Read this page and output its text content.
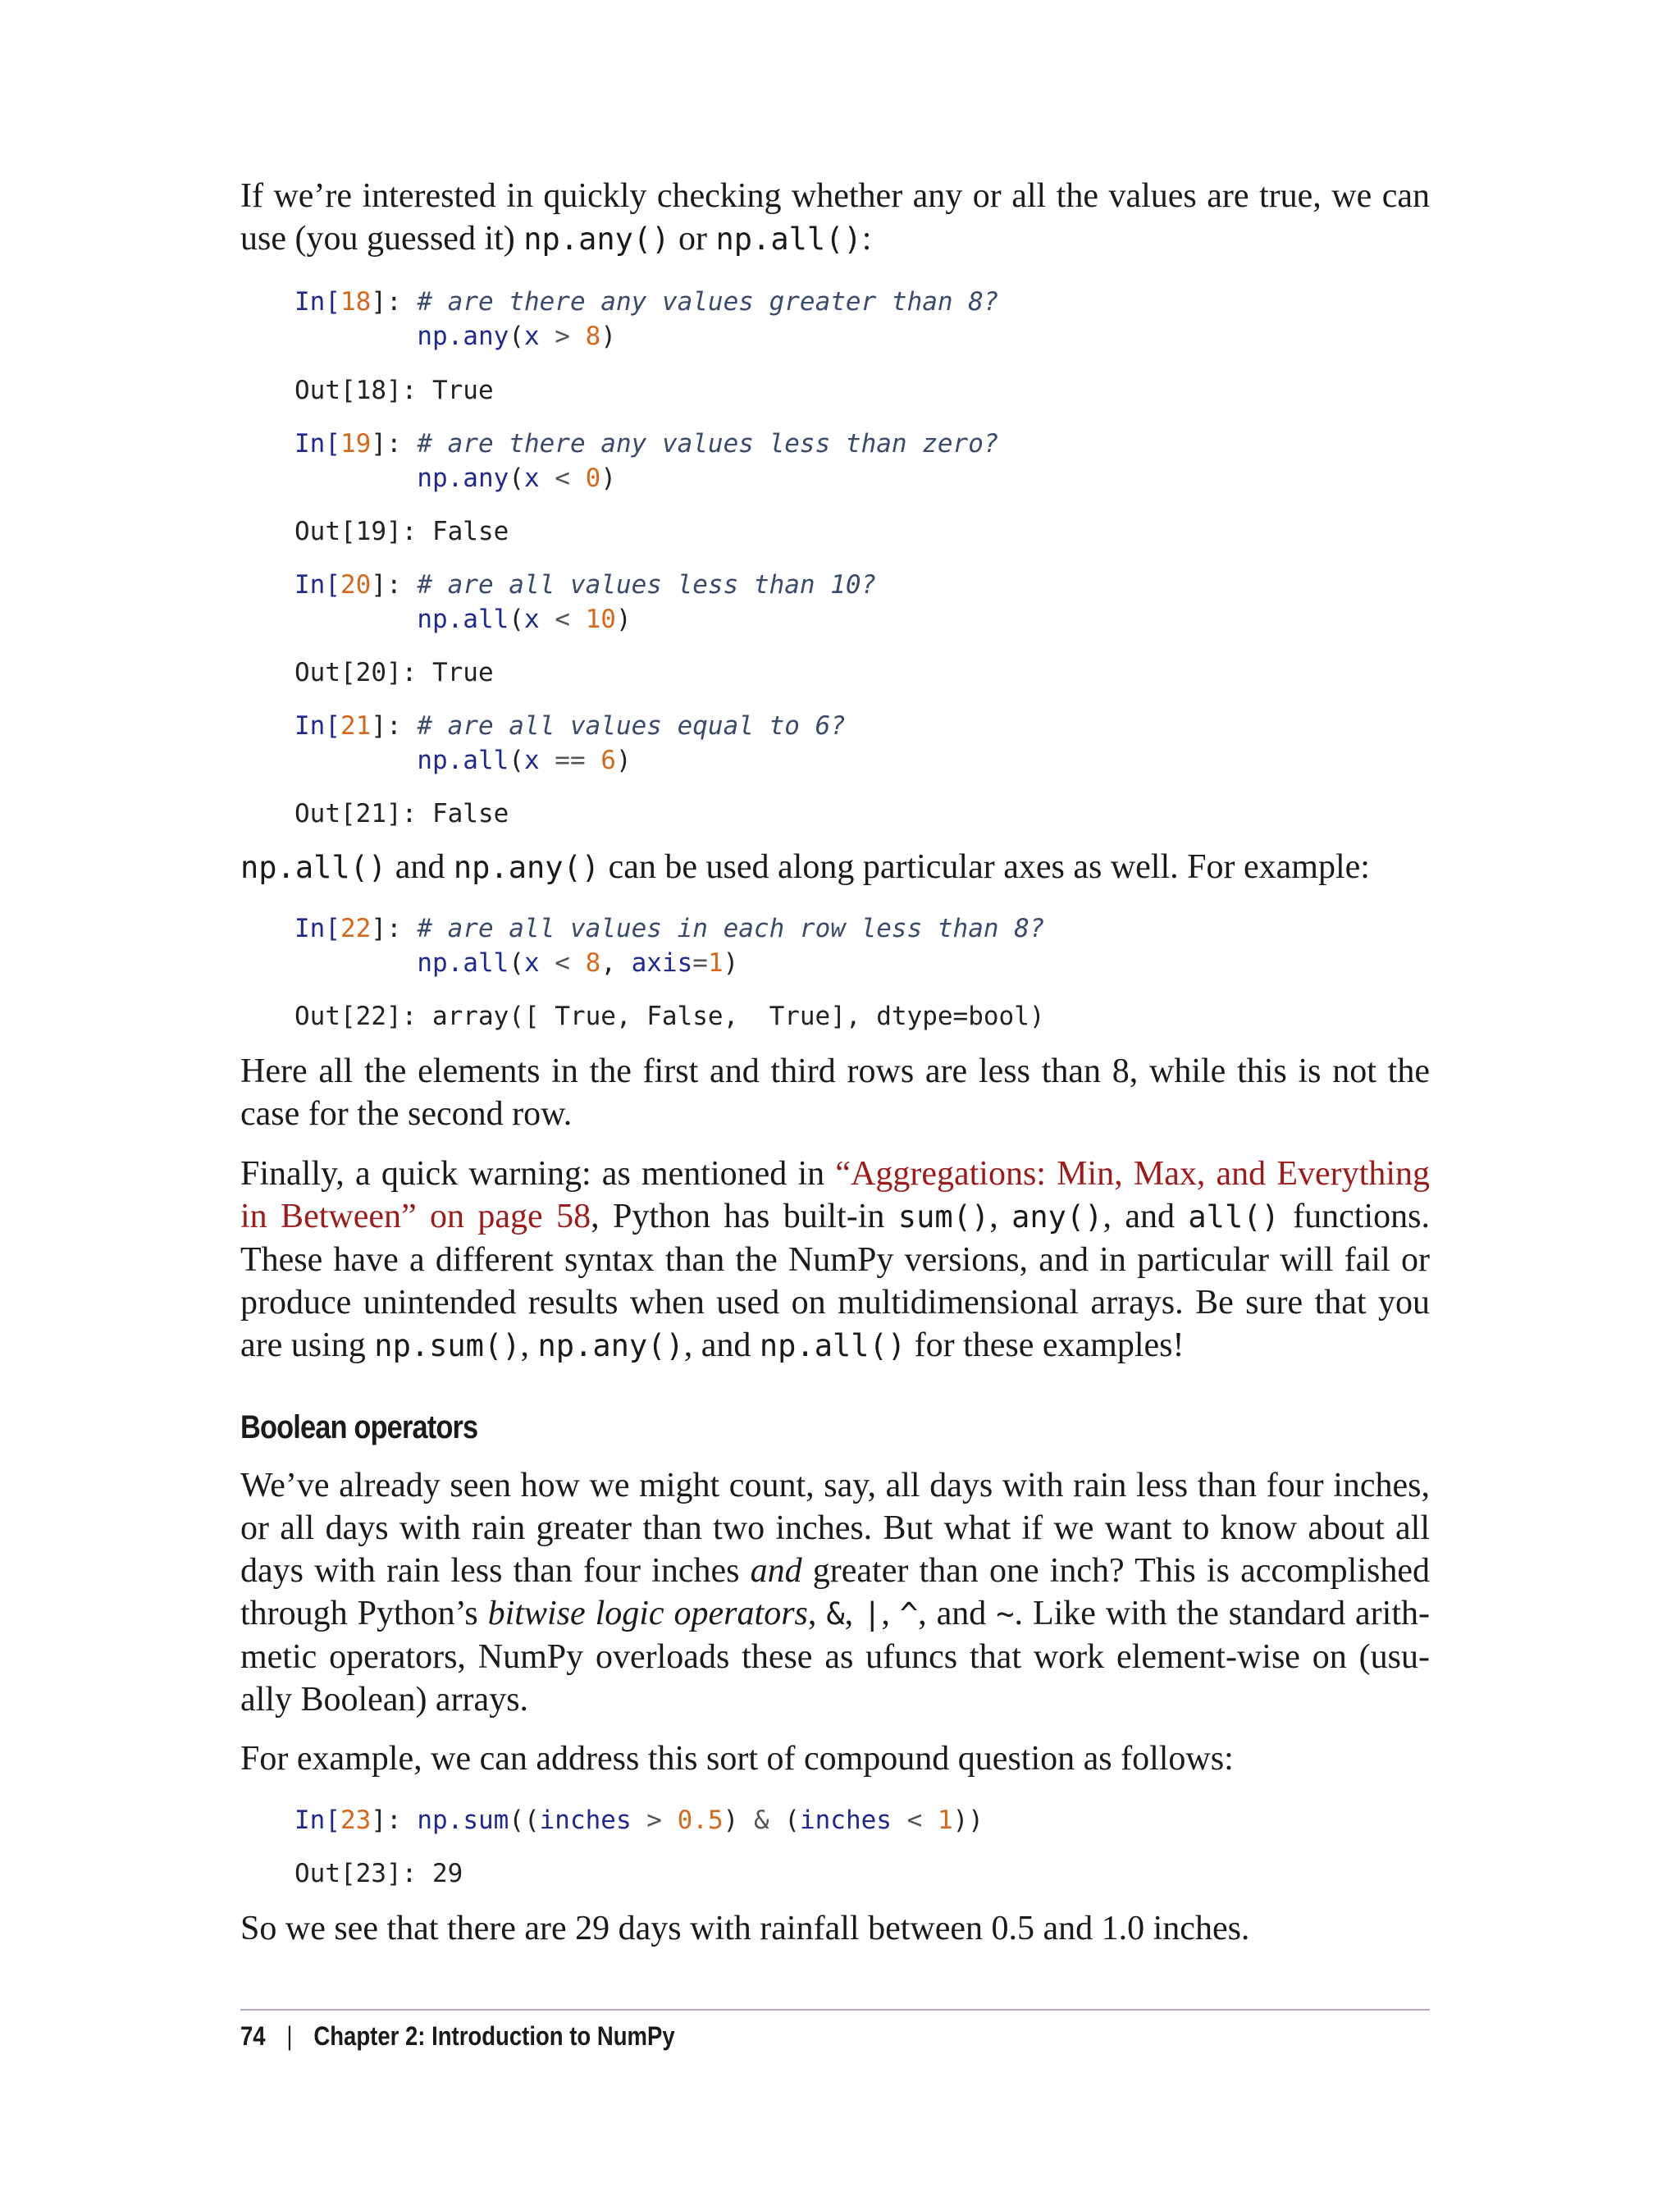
If we’re interested in quickly checking whether any or all the values are true, we can use (you guessed it) np.any() or np.all():
In[18]: # are there any values greater than 8?
np.any(x > 8)
Out[18]: True
In[19]: # are there any values less than zero?
np.any(x < 0)
Out[19]: False
In[20]: # are all values less than 10?
np.all(x < 10)
Out[20]: True
In[21]: # are all values equal to 6?
np.all(x == 6)
Out[21]: False
np.all() and np.any() can be used along particular axes as well. For example:
In[22]: # are all values in each row less than 8?
np.all(x < 8, axis=1)
Out[22]: array([ True, False,  True], dtype=bool)
Here all the elements in the first and third rows are less than 8, while this is not the case for the second row.
Finally, a quick warning: as mentioned in “Aggregations: Min, Max, and Everything in Between” on page 58, Python has built-in sum(), any(), and all() functions. These have a different syntax than the NumPy versions, and in particular will fail or produce unintended results when used on multidimensional arrays. Be sure that you are using np.sum(), np.any(), and np.all() for these examples!
Boolean operators
We’ve already seen how we might count, say, all days with rain less than four inches, or all days with rain greater than two inches. But what if we want to know about all days with rain less than four inches and greater than one inch? This is accomplished through Python’s bitwise logic operators, &, |, ^, and ~. Like with the standard arithmetic operators, NumPy overloads these as ufuncs that work element-wise on (usually Boolean) arrays.
For example, we can address this sort of compound question as follows:
In[23]: np.sum((inches > 0.5) & (inches < 1))
Out[23]: 29
So we see that there are 29 days with rainfall between 0.5 and 1.0 inches.
74 | Chapter 2: Introduction to NumPy
